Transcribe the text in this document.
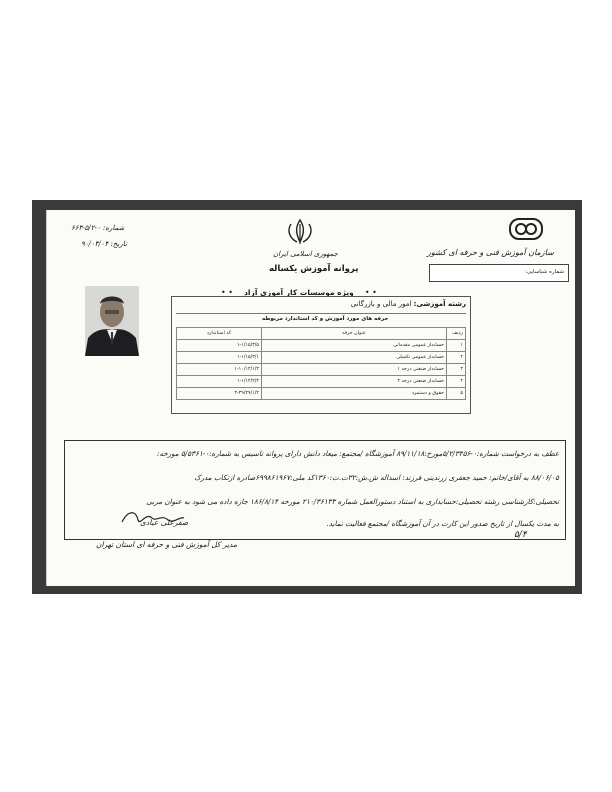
شماره: ۰-۵/۲-۶۶۳
تاریخ: ۹۰/۰۳/۰۴
جمهوری اسلامی ایران	سازمان آموزش فنی و حرفه ای کشور
شماره شناسایی:
پروانه آموزش یکساله
• • ویژه موسسات کار آموزی آزاد • •
رشته آموزشی: امور مالی و بازرگانی
حرفه های مورد آموزش و کد استاندارد مربوطه
ردیف	عنوان حرفه	کد استاندارد
۱	حسابدار عمومی مقدماتی	۱-۱/۱۵/۳/۵
۲	حسابدار عمومی تکمیلی	۱-۱/۱۵/۳/۱
۳	حسابدار صنعتی درجه ۱	۱-۱۰/۱۴/۱/۳
۴	حسابدار صنعتی درجه ۲	۱-۱/۱۴/۲/۴
۵	حقوق و دستمزد	۳-۳۹/۲۹/۱/۴
عطف به درخواست شماره:۰-۵/۲/۳۴۵۶مورخ:۸۹/۱۱/۱۸ آموزشگاه /مجتمع: میعاد دانش دارای پروانه تاسیس به شماره:۰-۵/۵۳۶۱ مورخه:
۸۸/۰۶/۰۵ به آقای/خانم: حمید جعفری زرندینی فرزند: اسداله ش.ش:۳۲ت.ت:۱۳۶۰کد ملی:۶۹۹۸۶۱۹۶۷صادره ازتکاب مدرک
تحصیلی:کارشناسی رشته تحصیلی:حسابداری به استناد دستورالعمل شماره ۲۱۰/۳۶۱۳۳ مورخه ۱۸۶/۸/۱۴ جازه داده می شود به عنوان مربی
به مدت یکسال از تاریخ صدور این کارت در آن آموزشگاه /مجتمع فعالیت نماید.
صفرعلی عبادی
مدیر کل آموزش فنی و حرفه ای استان تهران
۵/۴
